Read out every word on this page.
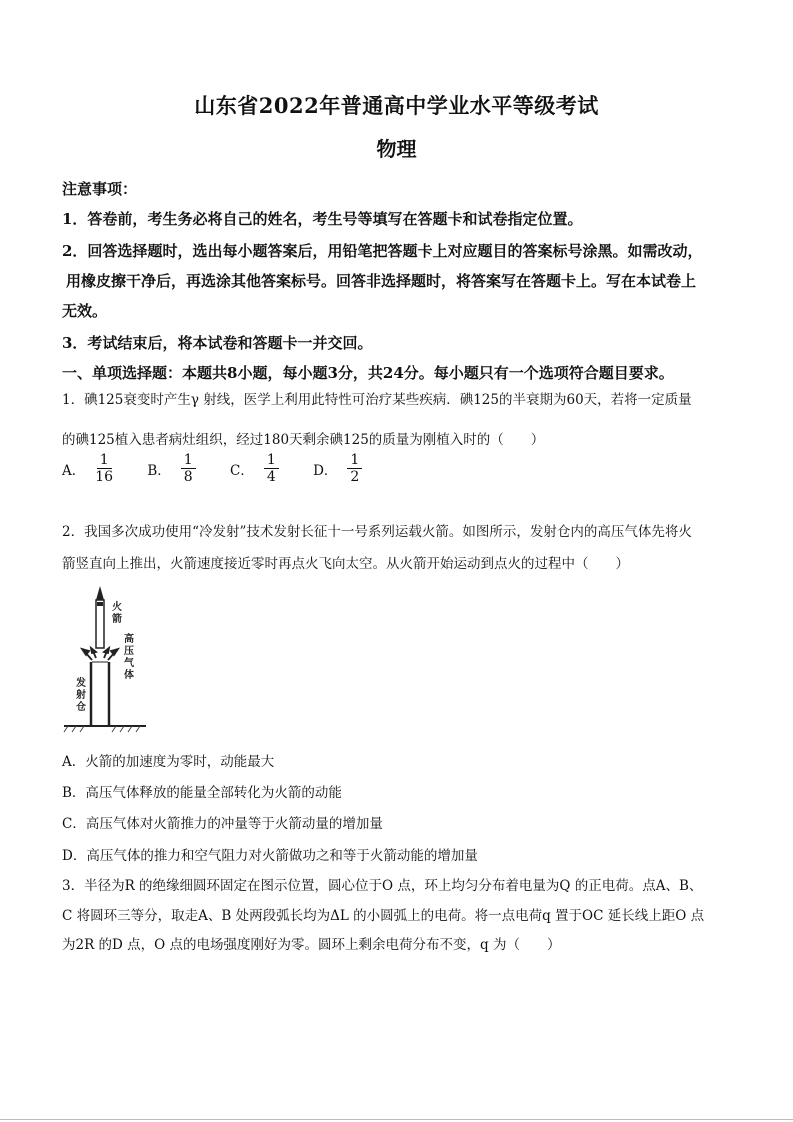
山东省2022年普通高中学业水平等级考试
物理
注意事项：
1．答卷前，考生务必将自己的姓名，考生号等填写在答题卡和试卷指定位置。
2．回答选择题时，选出每小题答案后，用铅笔把答题卡上对应题目的答案标号涂黑。如需改动，
用橡皮擦干净后，再选涂其他答案标号。回答非选择题时，将答案写在答题卡上。写在本试卷上
无效。
3．考试结束后，将本试卷和答题卡一并交回。
一、单项选择题：本题共8小题，每小题3分，共24分。每小题只有一个选项符合题目要求。
1．碘125衰变时产生γ 射线，医学上利用此特性可治疗某些疾病．碘125的半衰期为60天，若将一定质量
的碘125植入患者病灶组织，经过180天剩余碘125的质量为刚植入时的（　　）
A． $\frac{1}{16}$
	B． $\frac{1}{8}$
	C． $\frac{1}{4}$
	D． $\frac{1}{2}$
2．我国多次成功使用“冷发射”技术发射长征十一号系列运载火箭。如图所示，发射仓内的高压气体先将火
箭竖直向上推出，火箭速度接近零时再点火飞向太空。从火箭开始运动到点火的过程中（　　）
火
箭
高
压
气
体
发
射
仓
A．火箭的加速度为零时，动能最大
B．高压气体释放的能量全部转化为火箭的动能
C．高压气体对火箭推力的冲量等于火箭动量的增加量
D．高压气体的推力和空气阻力对火箭做功之和等于火箭动能的增加量
3．半径为R 的绝缘细圆环固定在图示位置，圆心位于O 点，环上均匀分布着电量为Q 的正电荷。点A、B、
C 将圆环三等分，取走A、B 处两段弧长均为ΔL 的小圆弧上的电荷。将一点电荷q 置于OC 延长线上距O 点
为2R 的D 点，O 点的电场强度刚好为零。圆环上剩余电荷分布不变，q 为（　　）
